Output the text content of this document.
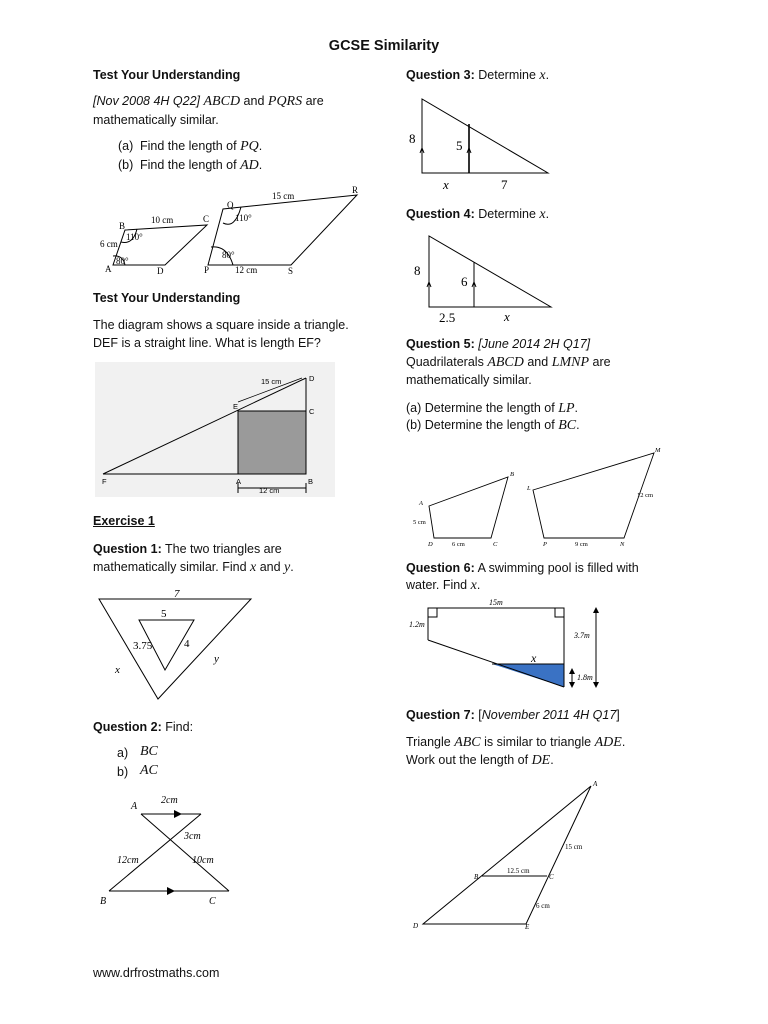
GCSE Similarity
Test Your Understanding
[Nov 2008 4H Q22] ABCD and PQRS are
mathematically similar.
(a) Find the length of PQ.
(b) Find the length of AD.
A
B
C
D
10 cm
6 cm
110°
80°
P
Q
R
S
15 cm
110°
80°
12 cm
Test Your Understanding
The diagram shows a square inside a triangle.
DEF is a straight line. What is length EF?
15 cm	D
E
C
F	A	B
12 cm
Exercise 1
Question 1: The two triangles are
mathematically similar. Find x and y.
7
5
3.75	4
x
y
Question 2: Find:
a) BC
b) AC
A
2cm
3cm
12cm	10cm
B	C
www.drfrostmaths.com
Question 3: Determine x.
8	5
x	7
Question 4: Determine x.
8
6
2.5	x
Question 5: [June 2014 2H Q17]
Quadrilaterals ABCD and LMNP are
mathematically similar.
(a) Determine the length of LP.
(b) Determine the length of BC.
A
B
C
D
5 cm
6 cm
L
M
N
P	9 cm
12 cm
Question 6: A swimming pool is filled with
water. Find x.
15m
1.2m
3.7m
1.8m
x
Question 7: [November 2011 4H Q17]
Triangle ABC is similar to triangle ADE.
Work out the length of DE.
A
B	C
D	E
12.5 cm
15 cm
6 cm
